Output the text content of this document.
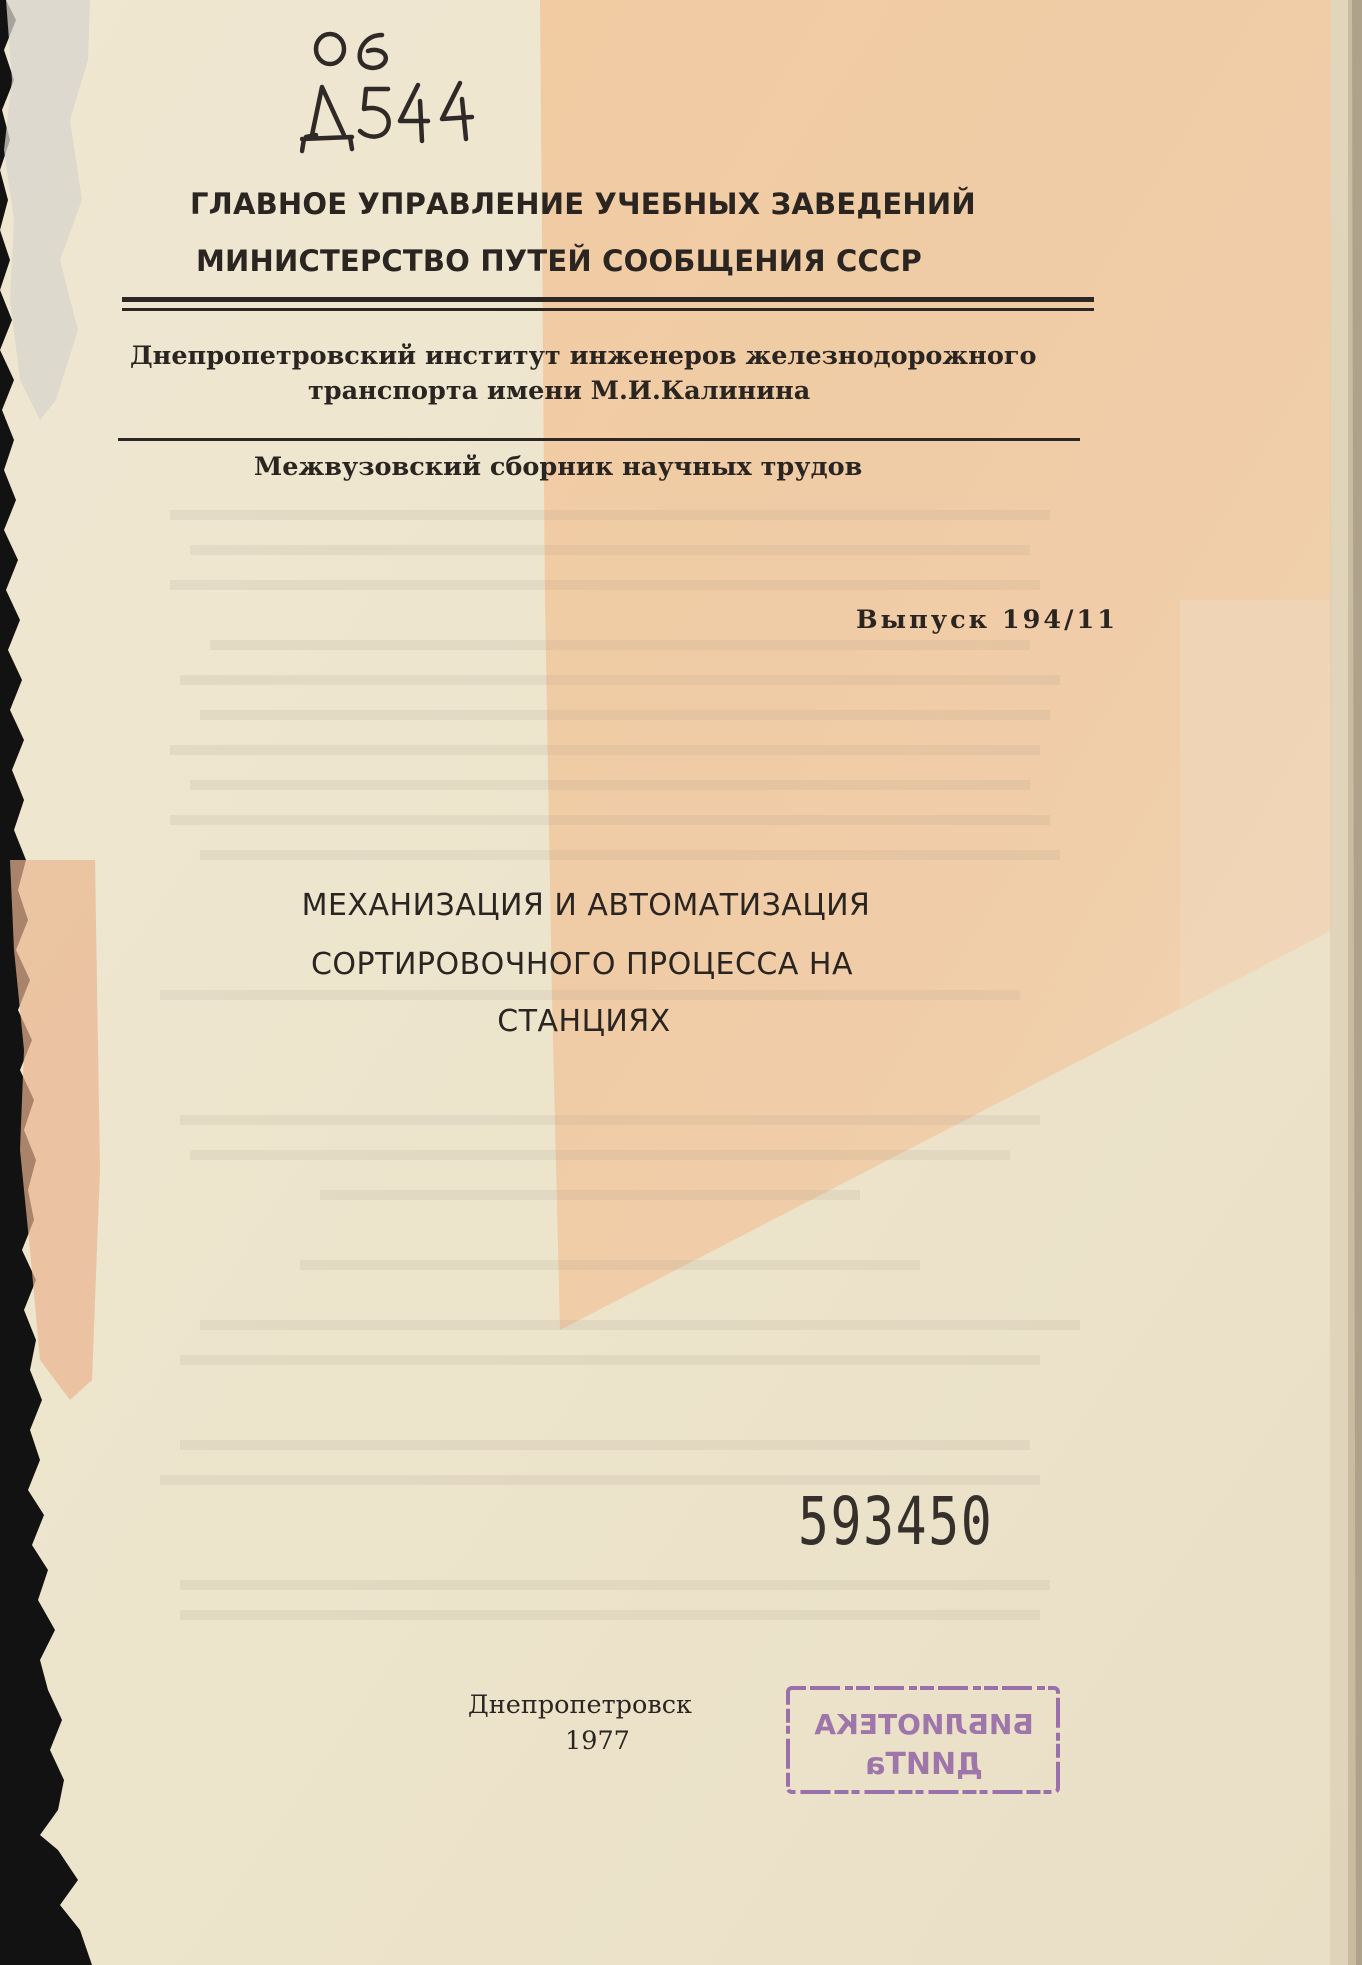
ГЛАВНОЕ УПРАВЛЕНИЕ УЧЕБНЫХ ЗАВЕДЕНИЙ
МИНИСТЕРСТВО ПУТЕЙ СООБЩЕНИЯ СССР
Днепропетровский институт инженеров железнодорожного
транспорта имени М.И.Калинина
Межвузовский сборник научных трудов
Выпуск 194/11
МЕХАНИЗАЦИЯ И АВТОМАТИЗАЦИЯ
СОРТИРОВОЧНОГО ПРОЦЕССА НА
СТАНЦИЯХ
593450
Днепропетровск
1977	БИБЛИОТЕКА
ДИИТа
